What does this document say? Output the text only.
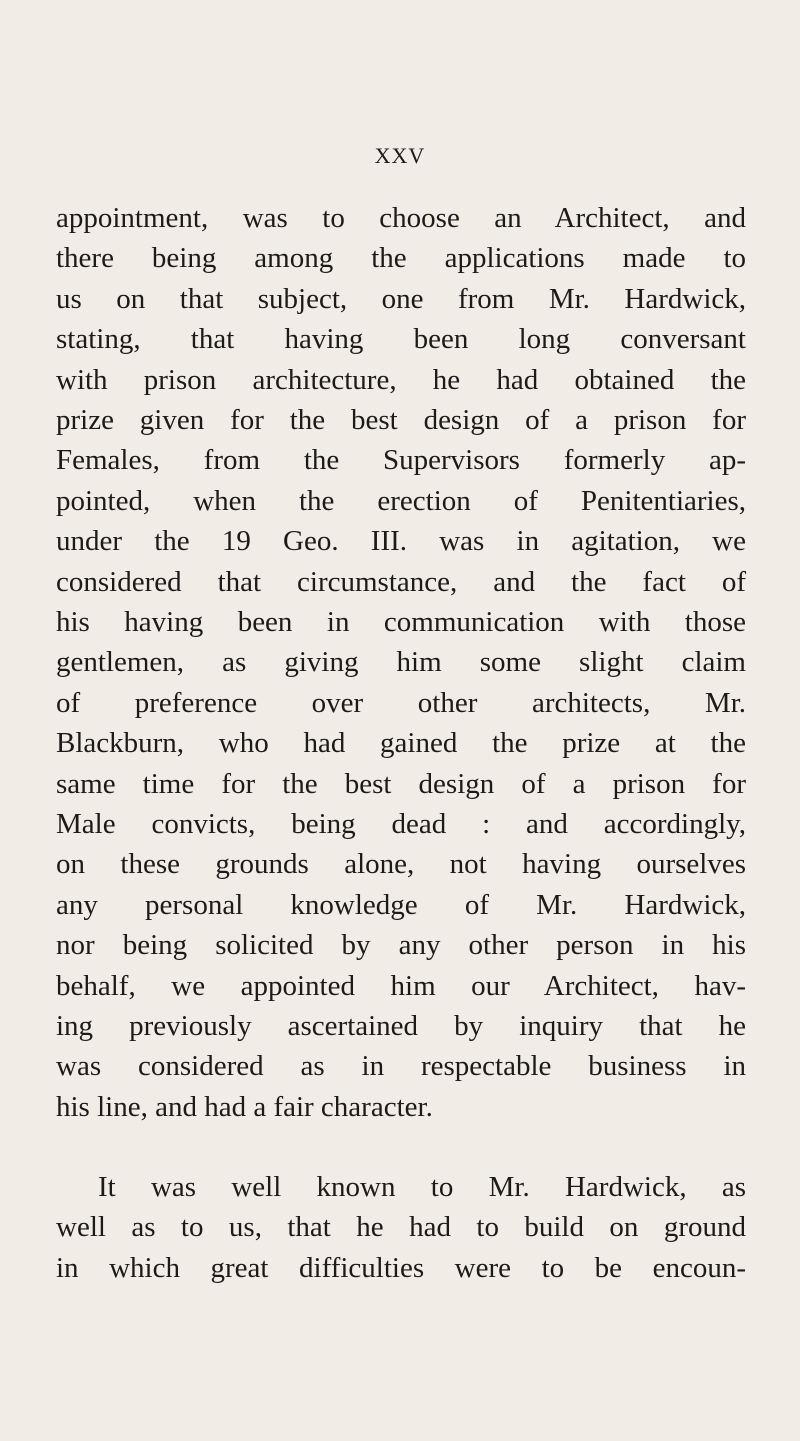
XXV
appointment, was to choose an Architect, and
there being among the applications made to
us on that subject, one from Mr. Hardwick,
stating, that having been long conversant
with prison architecture, he had obtained the
prize given for the best design of a prison for
Females, from the Supervisors formerly ap-
pointed, when the erection of Penitentiaries,
under the 19 Geo. III. was in agitation, we
considered that circumstance, and the fact of
his having been in communication with those
gentlemen, as giving him some slight claim
of preference over other architects, Mr.
Blackburn, who had gained the prize at the
same time for the best design of a prison for
Male convicts, being dead : and accordingly,
on these grounds alone, not having ourselves
any personal knowledge of Mr. Hardwick,
nor being solicited by any other person in his
behalf, we appointed him our Architect, hav-
ing previously ascertained by inquiry that he
was considered as in respectable business in
his line, and had a fair character.
It was well known to Mr. Hardwick, as
well as to us, that he had to build on ground
in which great difficulties were to be encoun-
